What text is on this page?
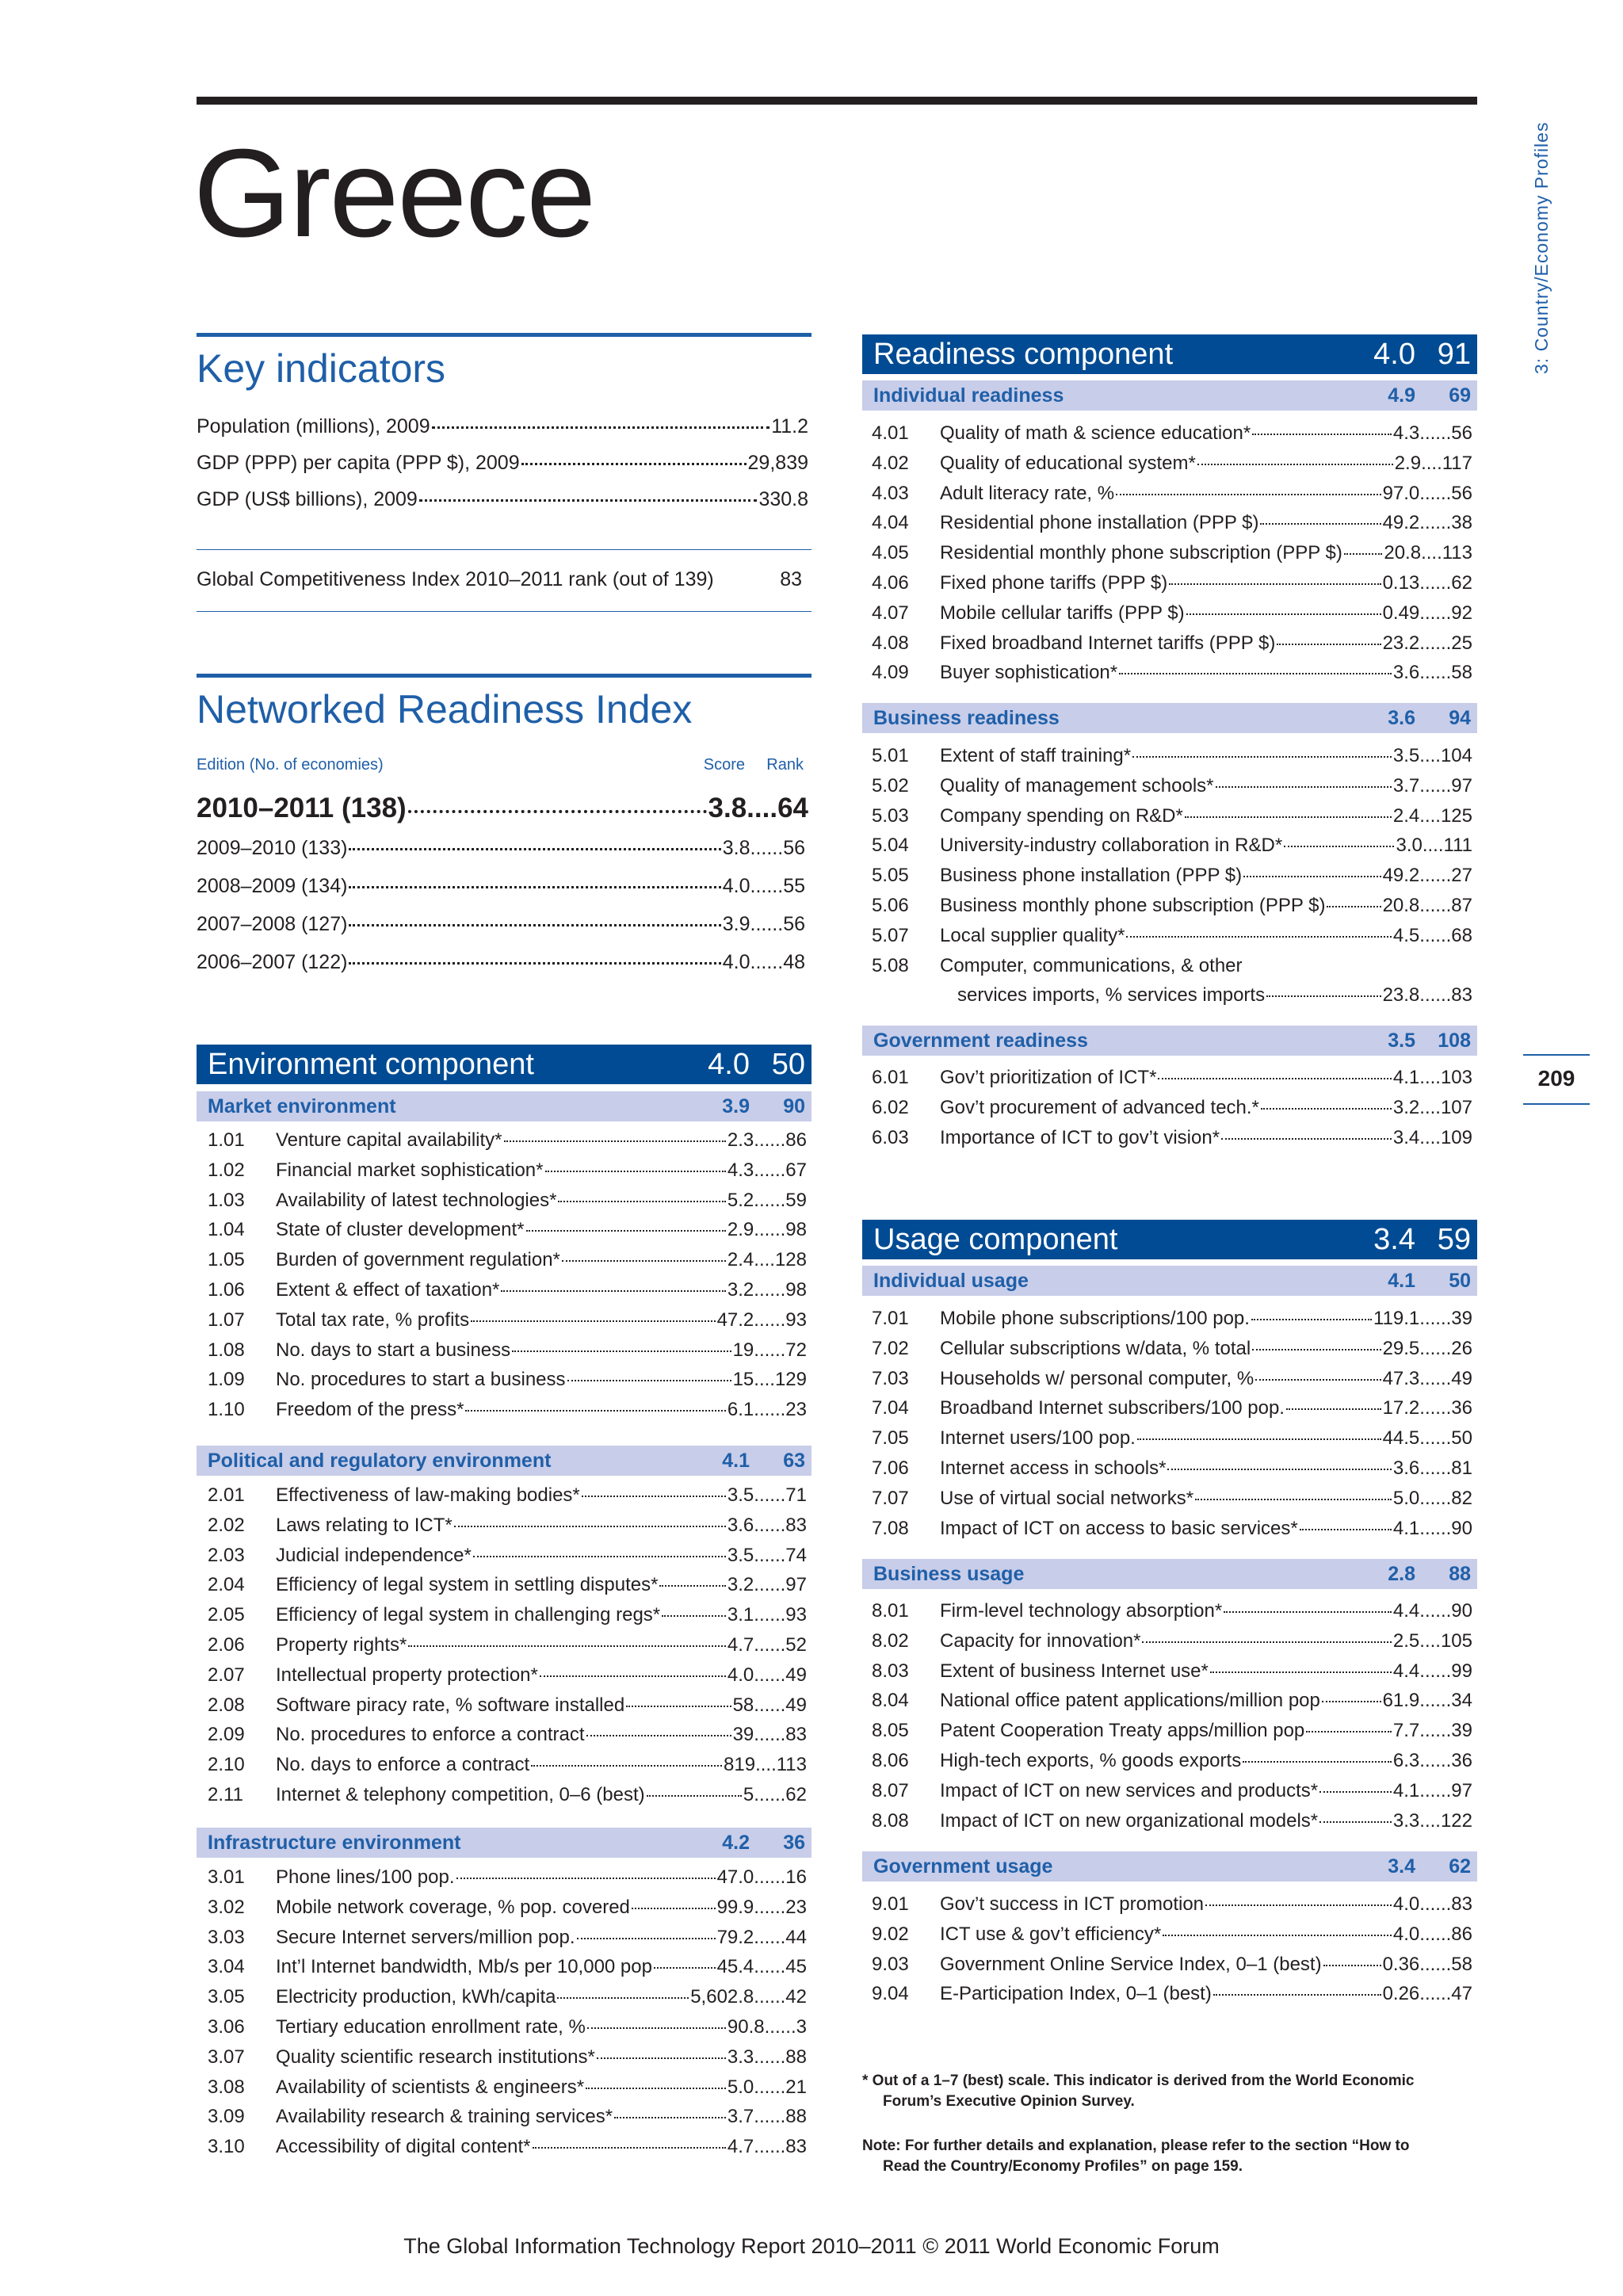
Greece	3: Country/Economy Profiles
209
Key indicators
Population (millions), 2009	11.2
GDP (PPP) per capita (PPP $), 2009	29,839
GDP (US$ billions), 2009	330.8
Global Competitiveness Index 2010–2011 rank (out of 139)	83
Networked Readiness Index
Edition (No. of economies)	Score Rank
2010–2011 (138)	3.8 .... 64
2009–2010 (133)	3.8 ...... 56
2008–2009 (134)	4.0 ...... 55
2007–2008 (127)	3.9 ...... 56
2006–2007 (122)	4.0 ...... 48
Environment component	4.0 50
Market environment	3.9	90
1.01	Venture capital availability*	2.3 ...... 86
1.02	Financial market sophistication*	4.3 ...... 67
1.03	Availability of latest technologies*	5.2 ...... 59
1.04	State of cluster development*	2.9 ...... 98
1.05	Burden of government regulation*	2.4 .... 128
1.06	Extent & effect of taxation*	3.2 ...... 98
1.07	Total tax rate, % profits	47.2 ...... 93
1.08	No. days to start a business	19 ...... 72
1.09	No. procedures to start a business	15 .... 129
1.10	Freedom of the press*	6.1 ...... 23
Political and regulatory environment	4.1	63
2.01	Effectiveness of law-making bodies*	3.5 ...... 71
2.02	Laws relating to ICT*	3.6 ...... 83
2.03	Judicial independence*	3.5 ...... 74
2.04	Efficiency of legal system in settling disputes*	3.2 ...... 97
2.05	Efficiency of legal system in challenging regs*	3.1 ...... 93
2.06	Property rights*	4.7 ...... 52
2.07	Intellectual property protection*	4.0 ...... 49
2.08	Software piracy rate, % software installed	58 ...... 49
2.09	No. procedures to enforce a contract	39 ...... 83
2.10	No. days to enforce a contract	819 .... 113
2.11	Internet & telephony competition, 0–6 (best)	5 ...... 62
Infrastructure environment	4.2	36
3.01	Phone lines/100 pop.	47.0 ...... 16
3.02	Mobile network coverage, % pop. covered	99.9 ...... 23
3.03	Secure Internet servers/million pop.	79.2 ...... 44
3.04	Int’l Internet bandwidth, Mb/s per 10,000 pop	45.4 ...... 45
3.05	Electricity production, kWh/capita	5,602.8 ...... 42
3.06	Tertiary education enrollment rate, %	90.8 ...... 3
3.07	Quality scientific research institutions*	3.3 ...... 88
3.08	Availability of scientists & engineers*	5.0 ...... 21
3.09	Availability research & training services*	3.7 ...... 88
3.10	Accessibility of digital content*	4.7 ...... 83
Readiness component	4.0 91
Individual readiness	4.9	69
4.01	Quality of math & science education*	4.3 ...... 56
4.02	Quality of educational system*	2.9 .... 117
4.03	Adult literacy rate, %	97.0 ...... 56
4.04	Residential phone installation (PPP $)	49.2 ...... 38
4.05	Residential monthly phone subscription (PPP $) 20.8 .... 113
4.06	Fixed phone tariffs (PPP $)	0.13 ...... 62
4.07	Mobile cellular tariffs (PPP $)	0.49 ...... 92
4.08	Fixed broadband Internet tariffs (PPP $)	23.2 ...... 25
4.09	Buyer sophistication*	3.6 ...... 58
Business readiness	3.6	94
5.01	Extent of staff training*	3.5 .... 104
5.02	Quality of management schools*	3.7 ...... 97
5.03	Company spending on R&D*	2.4 .... 125
5.04	University-industry collaboration in R&D*	3.0 .... 111
5.05	Business phone installation (PPP $)	49.2 ...... 27
5.06	Business monthly phone subscription (PPP $)	20.8 ...... 87
5.07	Local supplier quality*	4.5 ...... 68
5.08 Computer, communications, & other
services imports, % services imports	23.8 ...... 83
Government readiness	3.5	108
6.01	Gov’t prioritization of ICT*	4.1 .... 103
6.02	Gov’t procurement of advanced tech.*	3.2 .... 107
6.03	Importance of ICT to gov’t vision*	3.4 .... 109
Usage component	3.4 59
Individual usage	4.1	50
7.01	Mobile phone subscriptions/100 pop.	119.1 ...... 39
7.02	Cellular subscriptions w/data, % total	29.5 ...... 26
7.03	Households w/ personal computer, %	47.3 ...... 49
7.04	Broadband Internet subscribers/100 pop.	17.2 ...... 36
7.05	Internet users/100 pop.	44.5 ...... 50
7.06	Internet access in schools*	3.6 ...... 81
7.07	Use of virtual social networks*	5.0 ...... 82
7.08	Impact of ICT on access to basic services*	4.1 ...... 90
Business usage	2.8	88
8.01	Firm-level technology absorption*	4.4 ...... 90
8.02	Capacity for innovation*	2.5 .... 105
8.03	Extent of business Internet use*	4.4 ...... 99
8.04	National office patent applications/million pop	61.9 ...... 34
8.05	Patent Cooperation Treaty apps/million pop	7.7 ...... 39
8.06	High-tech exports, % goods exports	6.3 ...... 36
8.07	Impact of ICT on new services and products*	4.1 ...... 97
8.08	Impact of ICT on new organizational models*	3.3 .... 122
Government usage	3.4	62
9.01	Gov’t success in ICT promotion	4.0 ...... 83
9.02	ICT use & gov’t efficiency*	4.0 ...... 86
9.03	Government Online Service Index, 0–1 (best)	0.36 ...... 58
9.04	E-Participation Index, 0–1 (best)	0.26 ...... 47
* Out of a 1–7 (best) scale. This indicator is derived from the World Economic
Forum’s Executive Opinion Survey.
Note: For further details and explanation, please refer to the section “How to
Read the Country/Economy Profiles” on page 159.
The Global Information Technology Report 2010–2011 © 2011 World Economic Forum
